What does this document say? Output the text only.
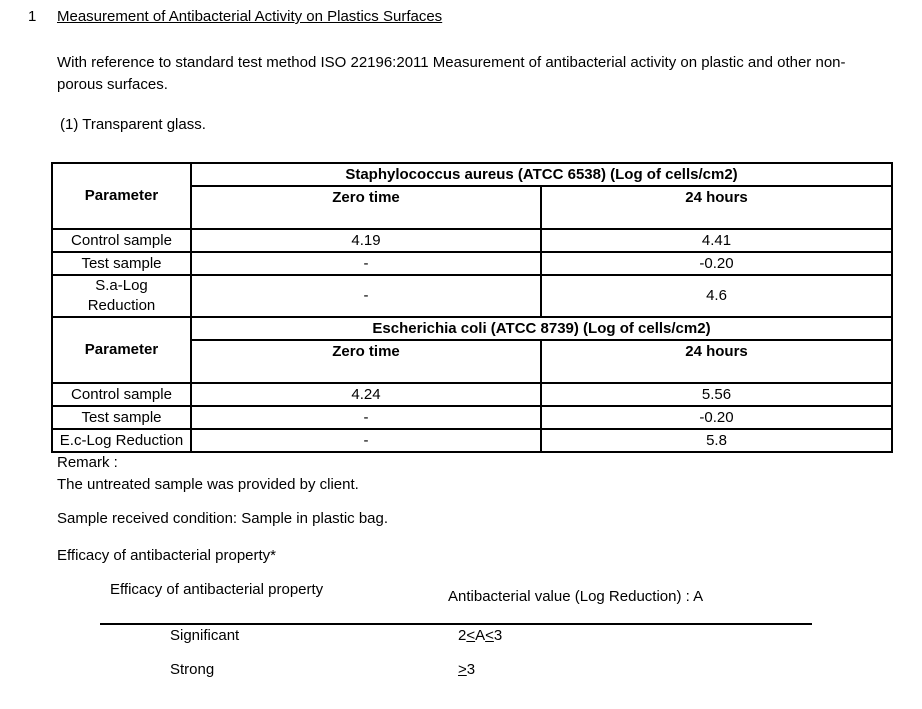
1 Measurement of Antibacterial Activity on Plastics Surfaces
With reference to standard test method ISO 22196:2011 Measurement of antibacterial activity on plastic and other non-porous surfaces.
(1) Transparent glass.
Parameter	Staphylococcus aureus (ATCC 6538) (Log of cells/cm2)	
	Zero time	24 hours
Control sample	4.19	4.41
Test sample	-	-0.20
S.a-Log
Reduction	-	4.6
Parameter	Escherichia coli (ATCC 8739) (Log of cells/cm2)	
	Zero time	24 hours
Control sample	4.24	5.56
Test sample	-	-0.20
E.c-Log Reduction	-	5.8
Remark :
The untreated sample was provided by client.
Sample received condition: Sample in plastic bag.
Efficacy of antibacterial property*
Efficacy of antibacterial property	Antibacterial value (Log Reduction) : A
Significant	2≤A≤3
Strong	≥3
